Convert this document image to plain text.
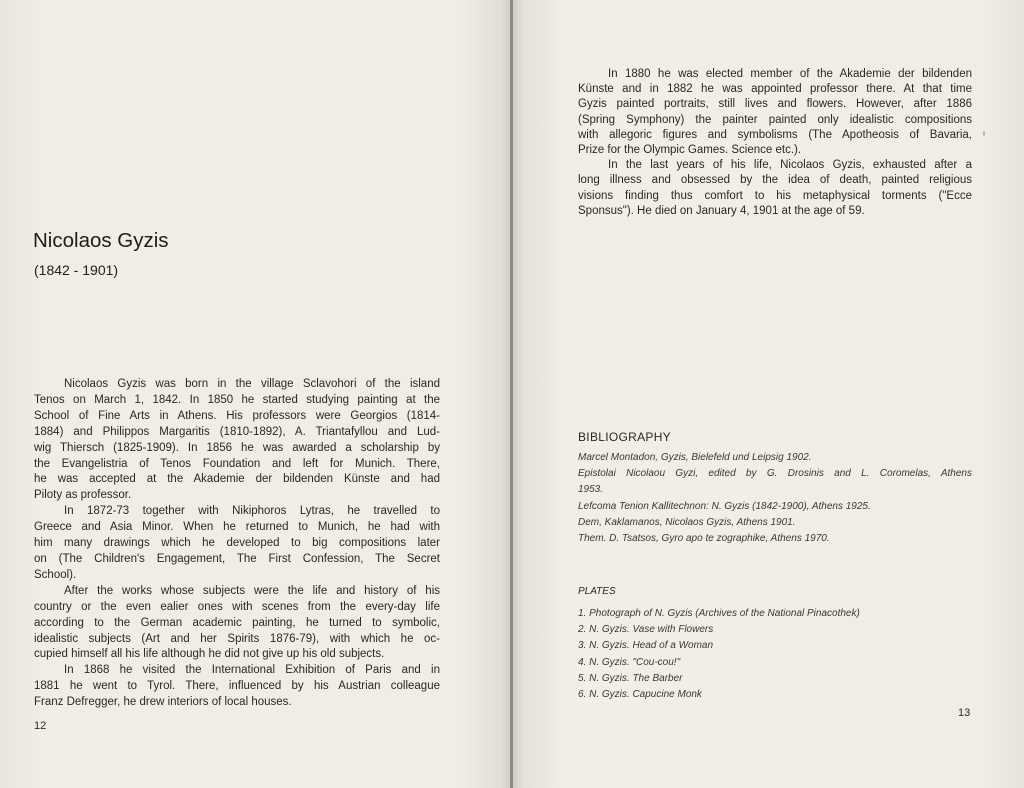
Nicolaos Gyzis
(1842 - 1901)
Nicolaos Gyzis was born in the village Sclavohori of the island
Tenos on March 1, 1842. In 1850 he started studying painting at the
School of Fine Arts in Athens. His professors were Georgios (1814-
1884) and Philippos Margaritis (1810-1892), A. Triantafyllou and Lud-
wig Thiersch (1825-1909). In 1856 he was awarded a scholarship by
the Evangelistria of Tenos Foundation and left for Munich. There,
he was accepted at the Akademie der bildenden Künste and had
Piloty as professor.
In 1872-73 together with Nikiphoros Lytras, he travelled to
Greece and Asia Minor. When he returned to Munich, he had with
him many drawings which he developed to big compositions later
on (The Children's Engagement, The First Confession, The Secret
School).
After the works whose subjects were the life and history of his
country or the even ealier ones with scenes from the every-day life
according to the German academic painting, he turned to symbolic,
idealistic subjects (Art and her Spirits 1876-79), with which he oc-
cupied himself all his life although he did not give up his old subjects.
In 1868 he visited the International Exhibition of Paris and in
1881 he went to Tyrol. There, influenced by his Austrian colleague
Franz Defregger, he drew interiors of local houses.
12
13
ᵻ
In 1880 he was elected member of the Akademie der bildenden
Künste and in 1882 he was appointed professor there. At that time
Gyzis painted portraits, still lives and flowers. However, after 1886
(Spring Symphony) the painter painted only idealistic compositions
with allegoric figures and symbolisms (The Apotheosis of Bavaria,
Prize for the Olympic Games. Science etc.).
In the last years of his life, Nicolaos Gyzis, exhausted after a
long illness and obsessed by the idea of death, painted religious
visions finding thus comfort to his metaphysical torments ("Ecce
Sponsus"). He died on January 4, 1901 at the age of 59.
BIBLIOGRAPHY
Marcel Montadon, Gyzis, Bielefeld und Leipsig 1902.
Epistolai Nicolaou Gyzi, edited by G. Drosinis and L. Coromelas, Athens
1953.
Lefcoma Tenion Kallitechnon: N. Gyzis (1842-1900), Athens 1925.
Dem, Kaklamanos, Nicolaos Gyzis, Athens 1901.
Them. D. Tsatsos, Gyro apo te zographike, Athens 1970.
PLATES
1. Photograph of N. Gyzis (Archives of the National Pinacothek)
2. N. Gyzis. Vase with Flowers
3. N. Gyzis. Head of a Woman
4. N. Gyzis. "Cou-cou!"
5. N. Gyzis. The Barber
6. N. Gyzis. Capucine Monk
